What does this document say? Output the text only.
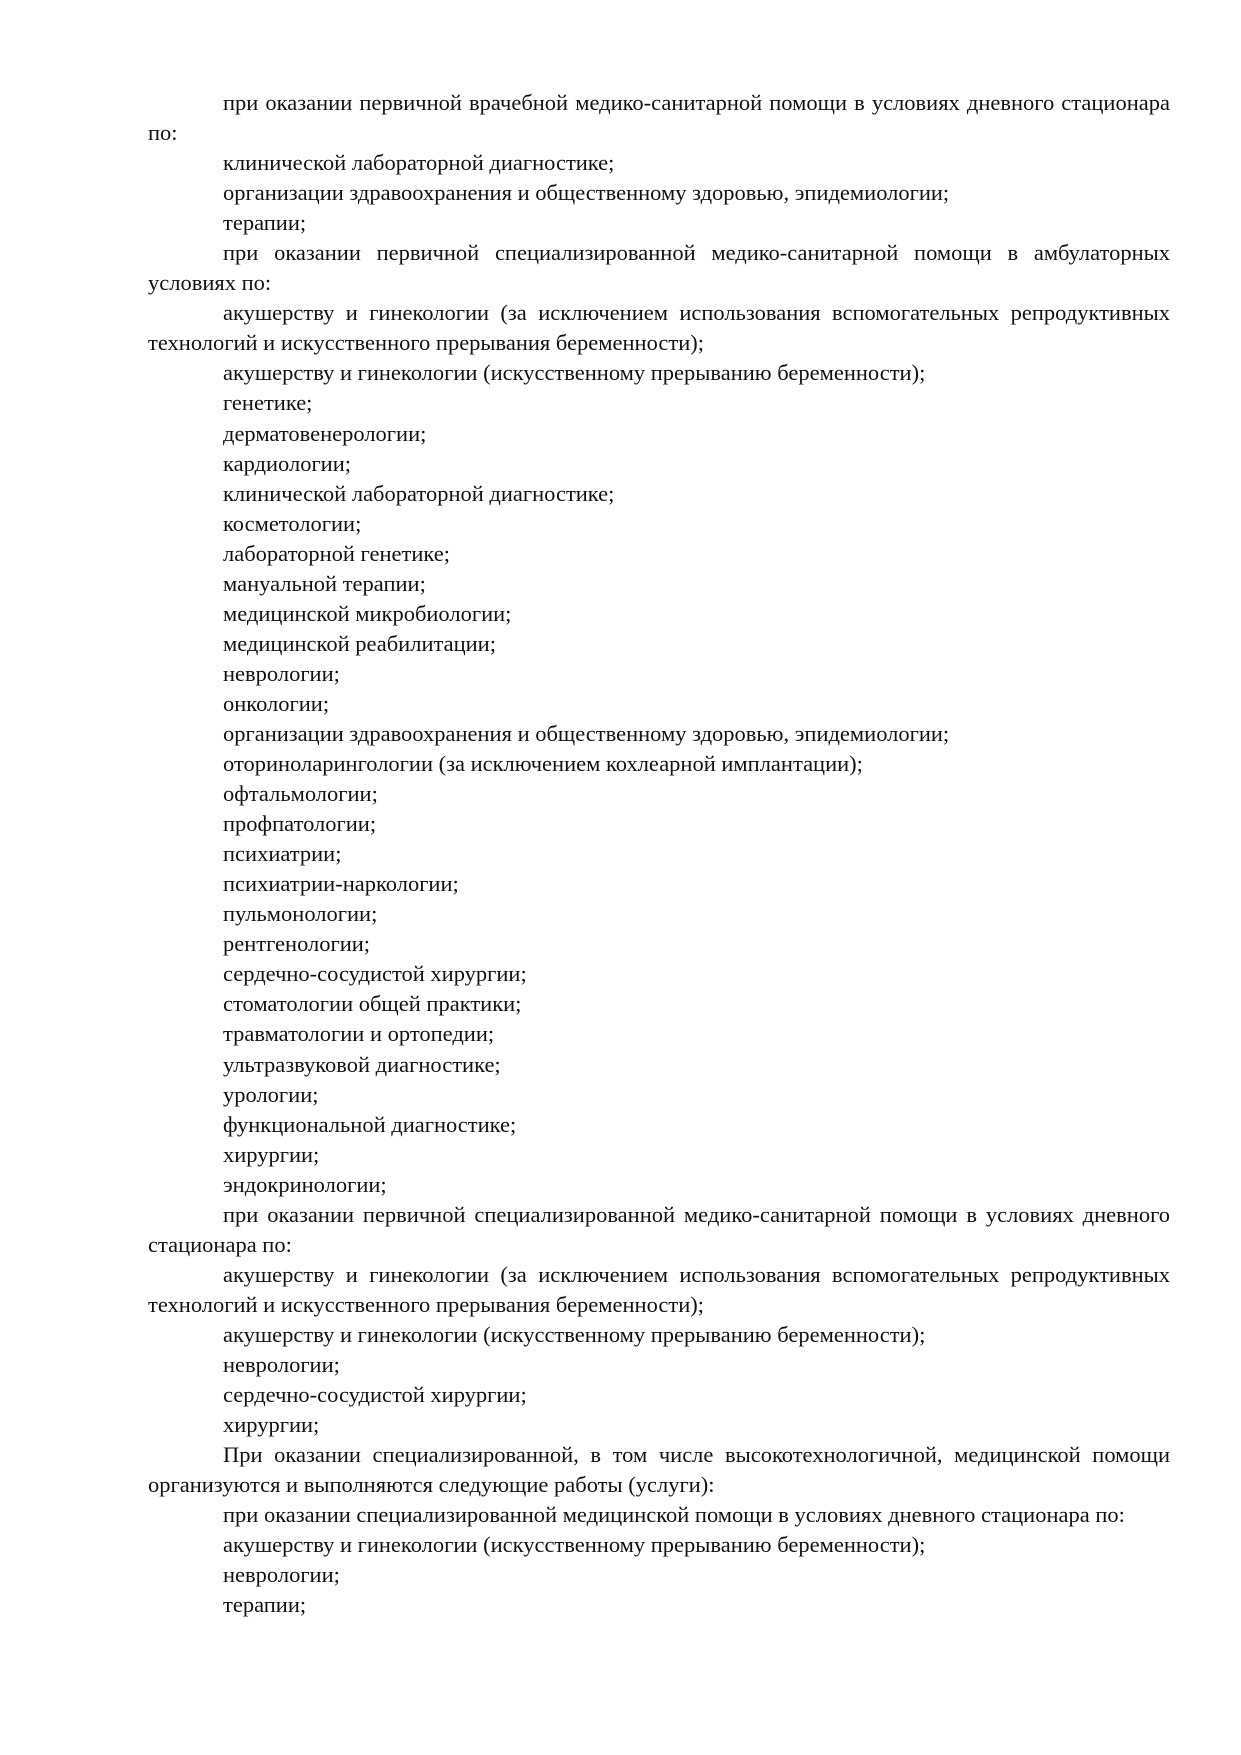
при оказании первичной врачебной медико-санитарной помощи в условиях дневного стационара по:

клинической лабораторной диагностике;

организации здравоохранения и общественному здоровью, эпидемиологии;

терапии;

при оказании первичной специализированной медико-санитарной помощи в амбулаторных условиях по:

акушерству и гинекологии (за исключением использования вспомогательных репродуктивных технологий и искусственного прерывания беременности);

акушерству и гинекологии (искусственному прерыванию беременности);

генетике;

дерматовенерологии;

кардиологии;

клинической лабораторной диагностике;

косметологии;

лабораторной генетике;

мануальной терапии;

медицинской микробиологии;

медицинской реабилитации;

неврологии;

онкологии;

организации здравоохранения и общественному здоровью, эпидемиологии;

оториноларингологии (за исключением кохлеарной имплантации);

офтальмологии;

профпатологии;

психиатрии;

психиатрии-наркологии;

пульмонологии;

рентгенологии;

сердечно-сосудистой хирургии;

стоматологии общей практики;

травматологии и ортопедии;

ультразвуковой диагностике;

урологии;

функциональной диагностике;

хирургии;

эндокринологии;

при оказании первичной специализированной медико-санитарной помощи в условиях дневного стационара по:

акушерству и гинекологии (за исключением использования вспомогательных репродуктивных технологий и искусственного прерывания беременности);

акушерству и гинекологии (искусственному прерыванию беременности);

неврологии;

сердечно-сосудистой хирургии;

хирургии;

При оказании специализированной, в том числе высокотехнологичной, медицинской помощи организуются и выполняются следующие работы (услуги):

при оказании специализированной медицинской помощи в условиях дневного стационара по:

акушерству и гинекологии (искусственному прерыванию беременности);

неврологии;

терапии;
